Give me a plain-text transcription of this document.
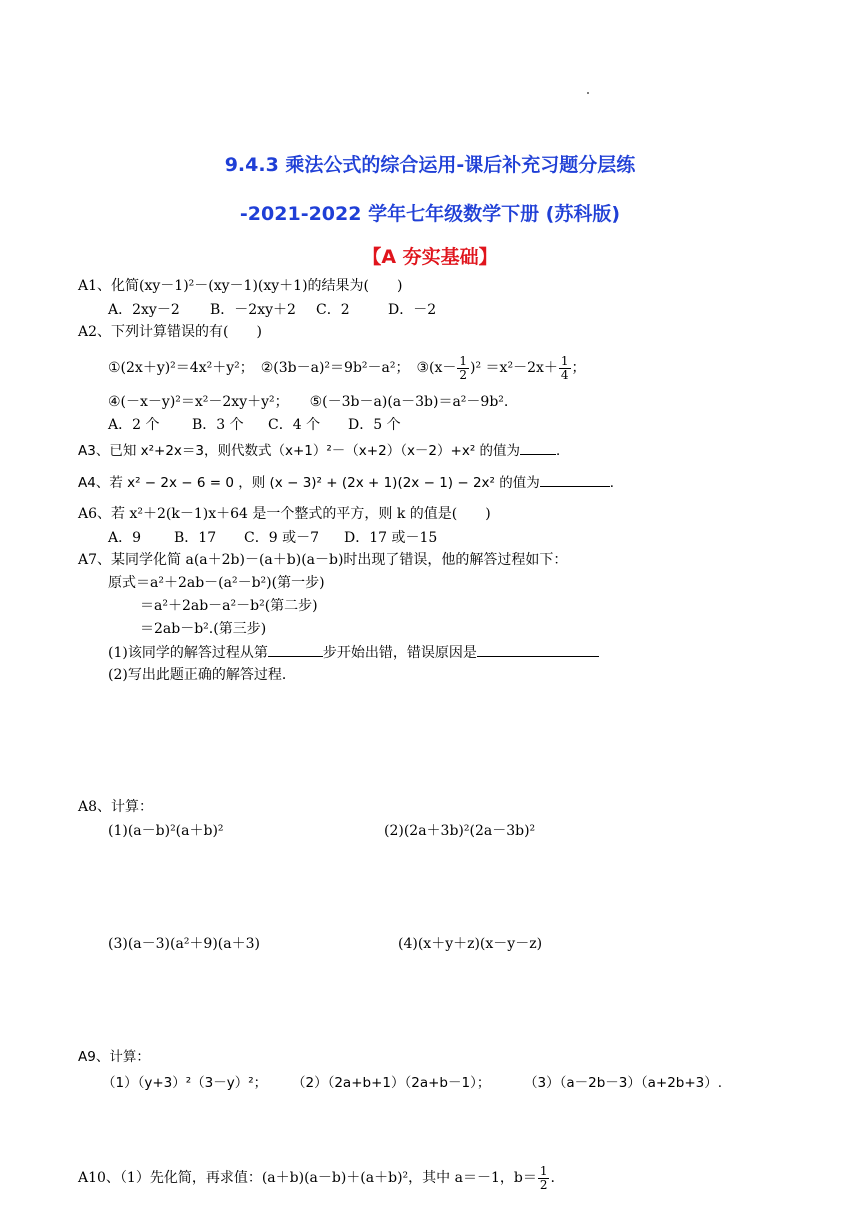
9.4.3 乘法公式的综合运用-课后补充习题分层练
-2021-2022 学年七年级数学下册 (苏科版)
【A 夯实基础】
A1、化简(xy－1)²－(xy－1)(xy＋1)的结果为(　　)
A．2xy－2 B．－2xy＋2 C．2	D．－2
A2、下列计算错误的有(　　)
①(2x＋y)²＝4x²＋y²；　②(3b－a)²＝9b²－a²；　③(x－ $\frac{1}{2} )^2 =x^2-2x+ \frac{1}{4}$ ；
④(－x－y)²＝x²－2xy＋y²；　　⑤(－3b－a)(a－3b)＝a²－9b².
A．2 个 B．3 个 C．4 个 D．5 个
A3、已知 x²+2x＝3，则代数式（x+1）²－（x+2）（x－2）+x² 的值为	．
A4、若 x² − 2x − 6 = 0 ，则 (x − 3)² + (2x + 1)(2x − 1) − 2x² 的值为	．
A6、若 x²＋2(k－1)x＋64 是一个整式的平方，则 k 的值是(　　)
A．9 B．17 C．9 或－7 D．17 或－15
A7、某同学化简 a(a＋2b)－(a＋b)(a－b)时出现了错误，他的解答过程如下：
原式＝a²＋2ab－(a²－b²)(第一步)
＝a²＋2ab－a²－b²(第二步)
＝2ab－b².(第三步)
(1)该同学的解答过程从第	步开始出错，错误原因是
(2)写出此题正确的解答过程．
A8、计算：
(1)(a－b)²(a＋b)²	(2)(2a＋3b)²(2a－3b)²
(3)(a－3)(a²＋9)(a＋3)	(4)(x＋y＋z)(x－y－z)
A9、计算：
（1）（y+3）²（3－y）²； （2）（2a+b+1）（2a+b－1）； （3）（a－2b－3）（a+2b+3）.
A10、（1）先化简，再求值：(a＋b)(a－b)＋(a＋b)²，其中 a＝－1，$b= \frac{1}{2}$ .
